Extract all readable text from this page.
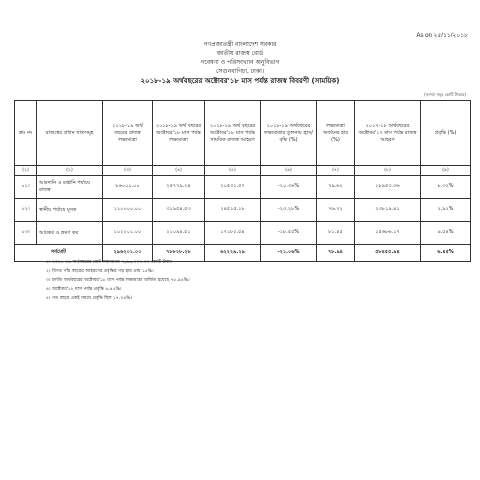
As on ২৫/১১/২০১৮
গণপ্রজাতন্ত্রী বাংলাদেশ সরকার
জাতীয় রাজস্ব বোর্ড
গবেষণা ও পরিসংখ্যান অনুবিভাগ
সেগুনবাগিচা, ঢাকা।
২০১৮-১৯ অর্থবছরের অক্টোবর'১৮ মাস পর্যন্ত রাজস্ব বিবরণী (সাময়িক)
(সংখ্যা সমূহ কোটি টাকায়)
ক্রঃ নং	রাজস্বের প্রধান খাতসমূহ	২০১৮-১৯ অর্থ বছরের রাজস্ব লক্ষ্যমাত্রা	২০১৮-১৯ অর্থ বছরের অক্টোবর'১৮ মাস পর্যন্ত লক্ষ্যমাত্রা	২০১৮-১৯ অর্থ বছরের অক্টোবর'১৮ মাস পর্যন্ত সাময়িক রাজস্ব আহরণ	২০১৮-১৯ অর্থবছরের লক্ষ্যমাত্রার তুলনায় হ্রাস/বৃদ্ধি (%)	লক্ষ্যমাত্রা অর্জনের হার (%)	২০১৭-১৮ অর্থবছরের অক্টোবর'১৭ মাস পর্যন্ত রাজস্ব আহরণ	প্রবৃদ্ধি (%)
(১)	(২)	(৩)	(৪)	(৫)	(৬)	(৭)	(৮)	(৯)
০১।	আমদানি ও রপ্তানি পর্যায়ে রাজস্ব	৮৬০০০.০০	২৫৭৭৯.২৪	২০৫৩১.৫৭	-২০.৩৬%	৭৯.৬২	১৮৯৫৩.৩৬	৮.৩২%
০২।	স্থানীয় পর্যায়ে মূসক	১১০০০০.০০	৩১৯৫৪.৫৩	২৪৫১৫.১৮	-২৩.২৮%	৭৬.৭২	২৩৮১৯.৪১	২.৯২%
০৩।	আয়কর ও ভ্রমণ কর	১০২২০১.০০	২১০৯৪.৫১	১৭১৮২.৫৪	-১৮.৫৫%	৮১.৪৫	১৫৬৮৬.১৭	৯.৫৪%
সর্বমোট		২৯৬২০১.০০	৭৮৮২৮.২৮	৬২২২৯.২৯	-২১.০৬%	৭৮.৯৪	৫৮৪৫৫.৯৪	৬.৪৫%
১। ২০১৮-১৯ অর্থবছরের মোট লক্ষ্যমাত্রা: ২,৯৬,২০১.০০ কোটি টাকা।
২। বিগত পাঁচ বছরের আহরণের প্রবৃদ্ধির গড় হার প্রায় ১৫%।
৩। চলতি অর্থবছরের অক্টোবর'১৮ মাস পর্যন্ত লক্ষ্যমাত্রা অর্জিত হয়েছে ৭৮.৯৪%।
৪। অক্টোবর'১৮ মাস পর্যন্ত প্রবৃদ্ধি ৬.৪৫%।
৫। গত বছরে একই সময়ে প্রবৃদ্ধি ছিল ১৭.০৪%।
